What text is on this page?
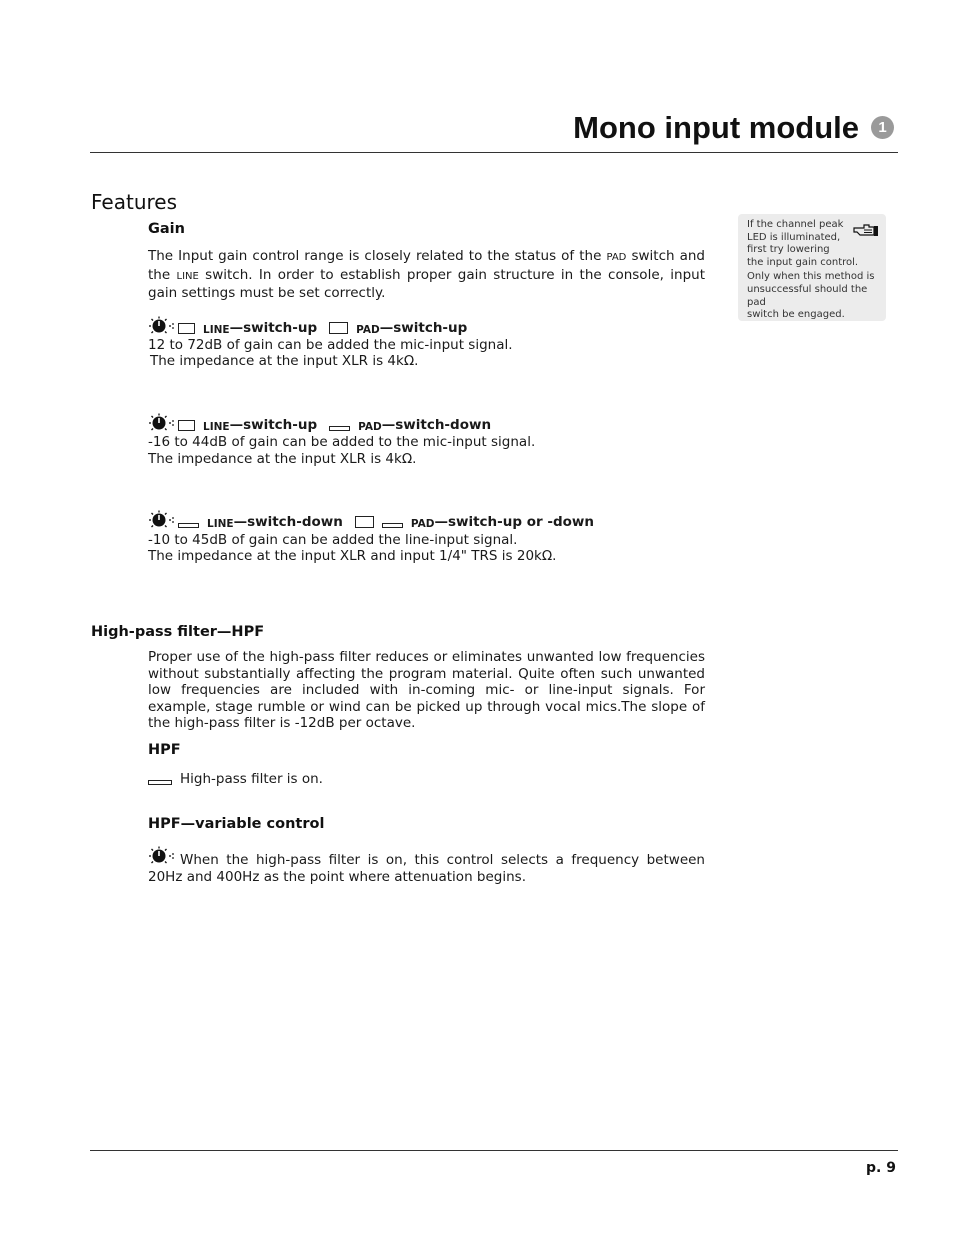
Mono input module	1
Features
Gain
The Input gain control range is closely related to the status of the PAD switch and the LINE switch. In order to establish proper gain structure in the console, input gain settings must be set correctly.
LINE —switch-up	PAD —switch-up
12 to 72dB of gain can be added the mic-input signal.
The impedance at the input XLR is 4kΩ.
LINE —switch-up	PAD —switch-down
-16 to 44dB of gain can be added to the mic-input signal.
The impedance at the input XLR is 4kΩ.
LINE —switch-down	PAD —switch-up or -down
-10 to 45dB of gain can be added the line-input signal.
The impedance at the input XLR and input 1/4" TRS is 20kΩ.
High-pass filter—HPF
Proper use of the high-pass filter reduces or eliminates unwanted low frequencies without substantially affecting the program material. Quite often such unwanted low frequencies are included with in-coming mic- or line-input signals. For example, stage rumble or wind can be picked up through vocal mics.The slope of the high-pass filter is -12dB per octave.
HPF
High-pass filter is on.
HPF—variable control
When the high-pass filter is on, this control selects a frequency between 20Hz and 400Hz as the point where attenuation begins.

If the channel peak

LED is illuminated,

first try lowering

the input gain control.

Only when this method is

unsuccessful should the pad

switch be engaged.

p. 9
